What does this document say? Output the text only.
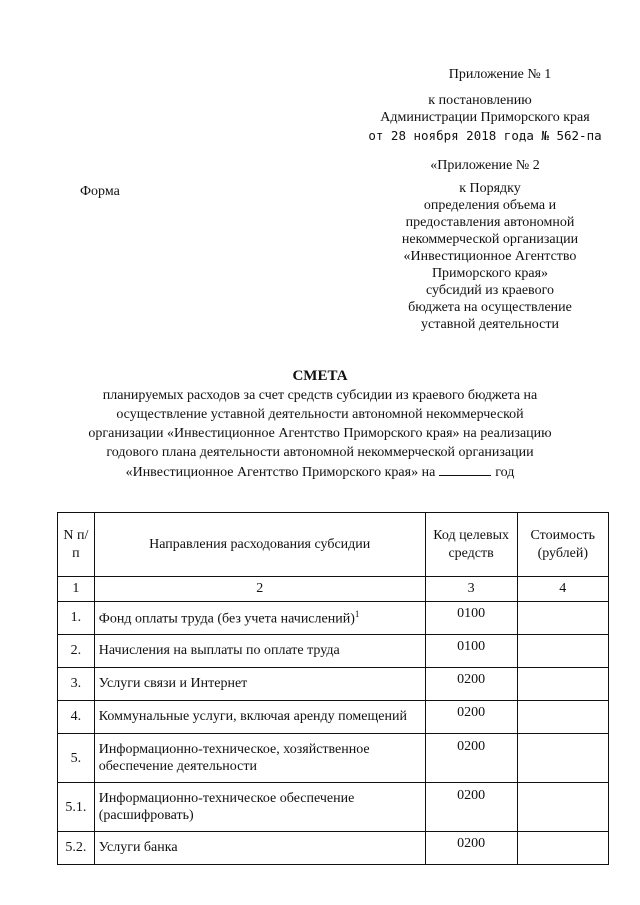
Приложение № 1
к постановлению
Администрации Приморского края
от 28 ноября 2018 года № 562-па
«Приложение № 2
Форма	к Порядку
определения объема и
предоставления автономной
некоммерческой организации
«Инвестиционное Агентство
Приморского края»
субсидий из краевого
бюджета на осуществление
уставной деятельности
СМЕТА
планируемых расходов за счет средств субсидии из краевого бюджета на
осуществление уставной деятельности автономной некоммерческой
организации «Инвестиционное Агентство Приморского края» на реализацию
годового плана деятельности автономной некоммерческой организации
«Инвестиционное Агентство Приморского края» на	год
N п/п	Направления расходования субсидии	Код целевых средств	Стоимость (рублей)
1	2	3	4
1.	Фонд оплаты труда (без учета начислений)$^1$	0100	
2.	Начисления на выплаты по оплате труда	0100	
3.	Услуги связи и Интернет	0200	
4.	Коммунальные услуги, включая аренду помещений	0200	
5.	Информационно-техническое, хозяйственное обеспечение деятельности	0200	
5.1.	Информационно-техническое обеспечение (расшифровать)	0200	
5.2.	Услуги банка	0200	
